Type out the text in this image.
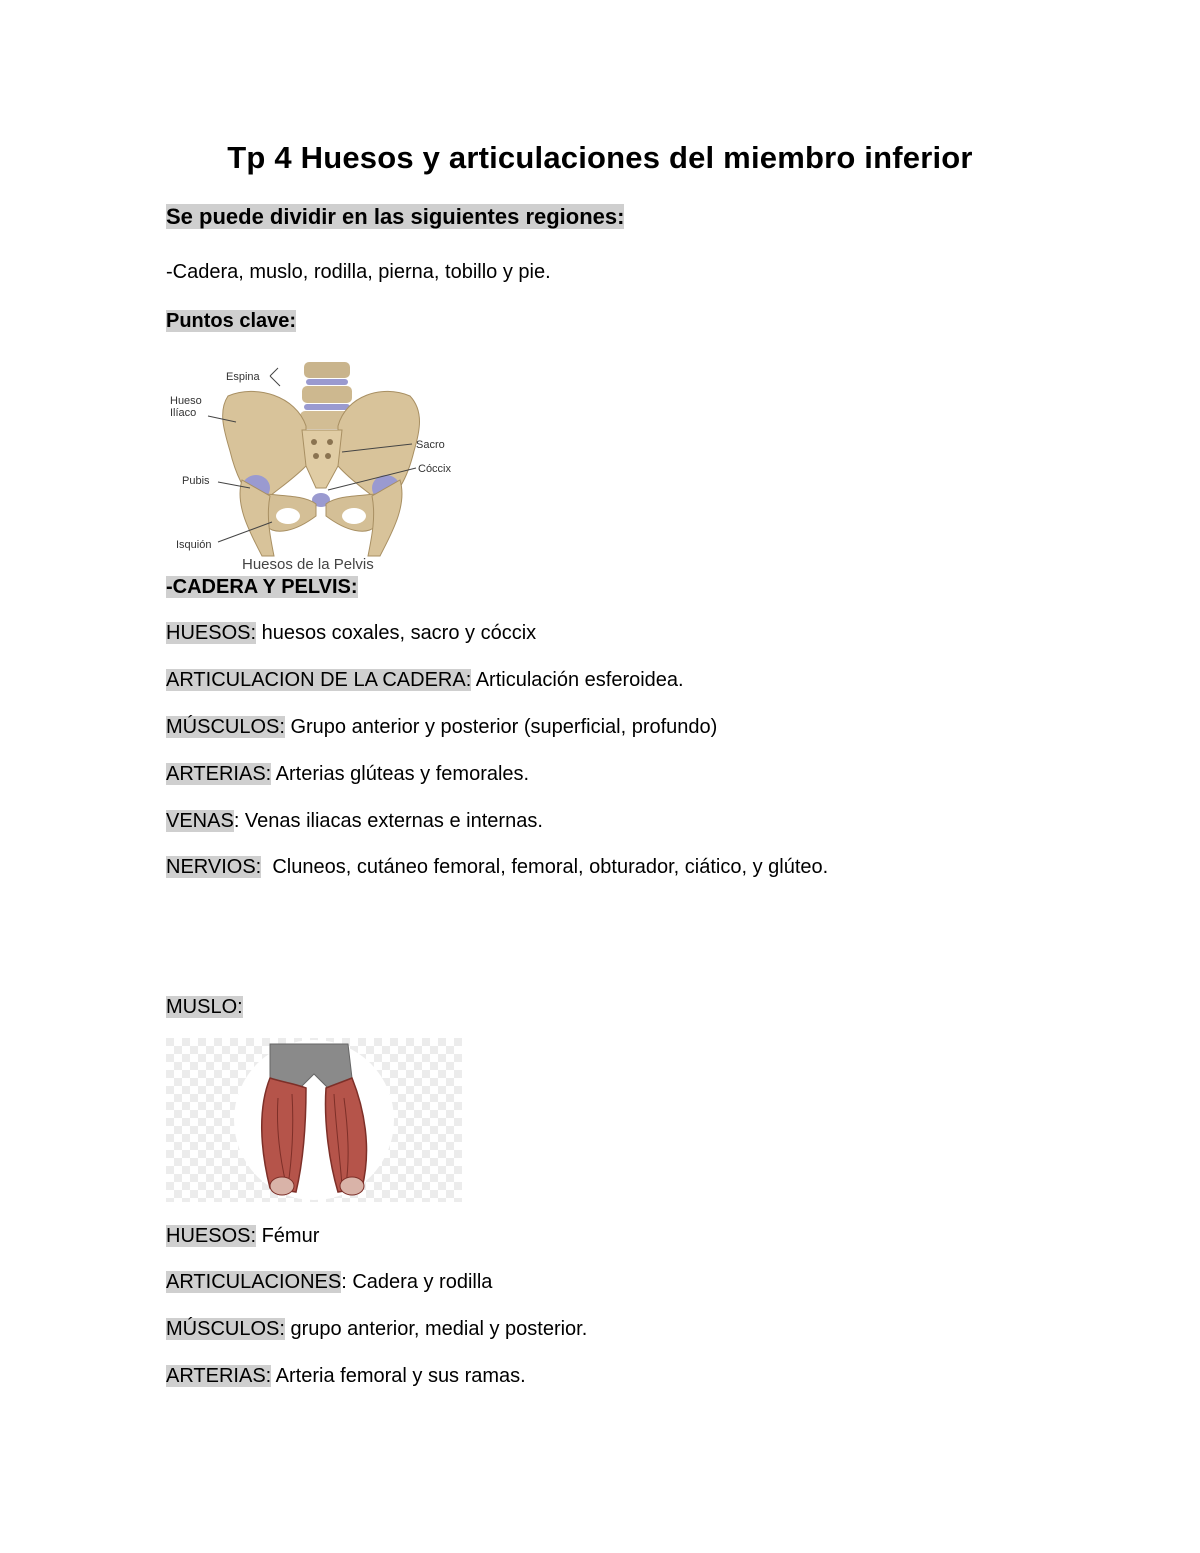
Tp 4 Huesos y articulaciones del miembro inferior
Se puede dividir en las siguientes regiones:
-Cadera, muslo, rodilla, pierna, tobillo y pie.
Puntos clave:
Espina
Hueso
Ilíaco
Sacro
Cóccix
Pubis
Isquión
Huesos de la Pelvis
-CADERA Y PELVIS:
HUESOS: huesos coxales, sacro y cóccix
ARTICULACION DE LA CADERA: Articulación esferoidea.
MÚSCULOS: Grupo anterior y posterior (superficial, profundo)
ARTERIAS: Arterias glúteas y femorales.
VENAS: Venas iliacas externas e internas.
NERVIOS:  Cluneos, cutáneo femoral, femoral, obturador, ciático, y glúteo.
MUSLO:
HUESOS: Fémur
ARTICULACIONES: Cadera y rodilla
MÚSCULOS: grupo anterior, medial y posterior.
ARTERIAS: Arteria femoral y sus ramas.
